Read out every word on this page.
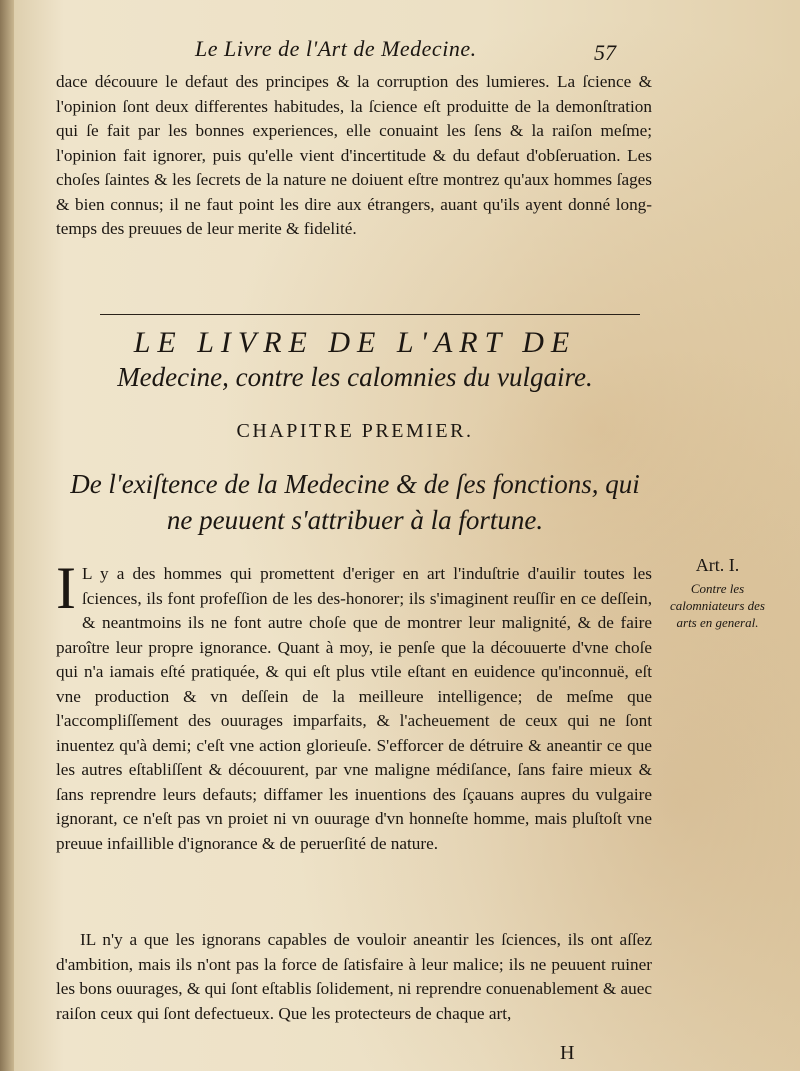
Le Livre de l'Art de Medecine.	57

dace découure le defaut des principes & la corruption des lumieres. La ſcience & l'opinion ſont deux differentes habitudes, la ſcience eſt produitte de la demonſtration qui ſe fait par les bonnes experiences, elle conuaint les ſens & la raiſon meſme; l'opinion fait ignorer, puis qu'elle vient d'incertitude & du defaut d'obſeruation. Les choſes ſaintes & les ſecrets de la nature ne doiuent eſtre montrez qu'aux hommes ſages & bien connus; il ne faut point les dire aux étrangers, auant qu'ils ayent donné long-temps des preuues de leur merite & fidelité.

LE LIVRE DE L'ART DE
Medecine, contre les calomnies du vulgaire.
CHAPITRE PREMIER.
De l'exiſtence de la Medecine & de ſes fonctions, qui ne peuuent s'attribuer à la fortune.
I L y a des hommes qui promettent d'eriger en art l'induſtrie d'auilir toutes les ſciences, ils font profeſſion de les des-honorer; ils s'imaginent reuſſir en ce deſſein, & neantmoins ils ne font autre choſe que de montrer leur malignité, & de faire paroître leur propre ignorance. Quant à moy, ie penſe que la découuerte d'vne choſe qui n'a iamais eſté pratiquée, & qui eſt plus vtile eſtant en euidence qu'inconnuë, eſt vne production & vn deſſein de la meilleure intelligence; de meſme que l'accompliſſement des ouurages imparfaits, & l'acheuement de ceux qui ne ſont inuentez qu'à demi; c'eſt vne action glorieuſe. S'efforcer de détruire & aneantir ce que les autres eſtabliſſent & découurent, par vne maligne médiſance, ſans faire mieux & ſans reprendre leurs defauts; diffamer les inuentions des ſçauans aupres du vulgaire ignorant, ce n'eſt pas vn proiet ni vn ouurage d'vn honneſte homme, mais pluſtoſt vne preuue infaillible d'ignorance & de peruerſité de nature.

IL n'y a que les ignorans capables de vouloir aneantir les ſciences, ils ont aſſez d'ambition, mais ils n'ont pas la force de ſatisfaire à leur malice; ils ne peuuent ruiner les bons ouurages, & qui ſont eſtablis ſolidement, ni reprendre conuenablement & auec raiſon ceux qui ſont defectueux. Que les protecteurs de chaque art,

Art. I.
Contre les calomniateurs des arts en general.
H
